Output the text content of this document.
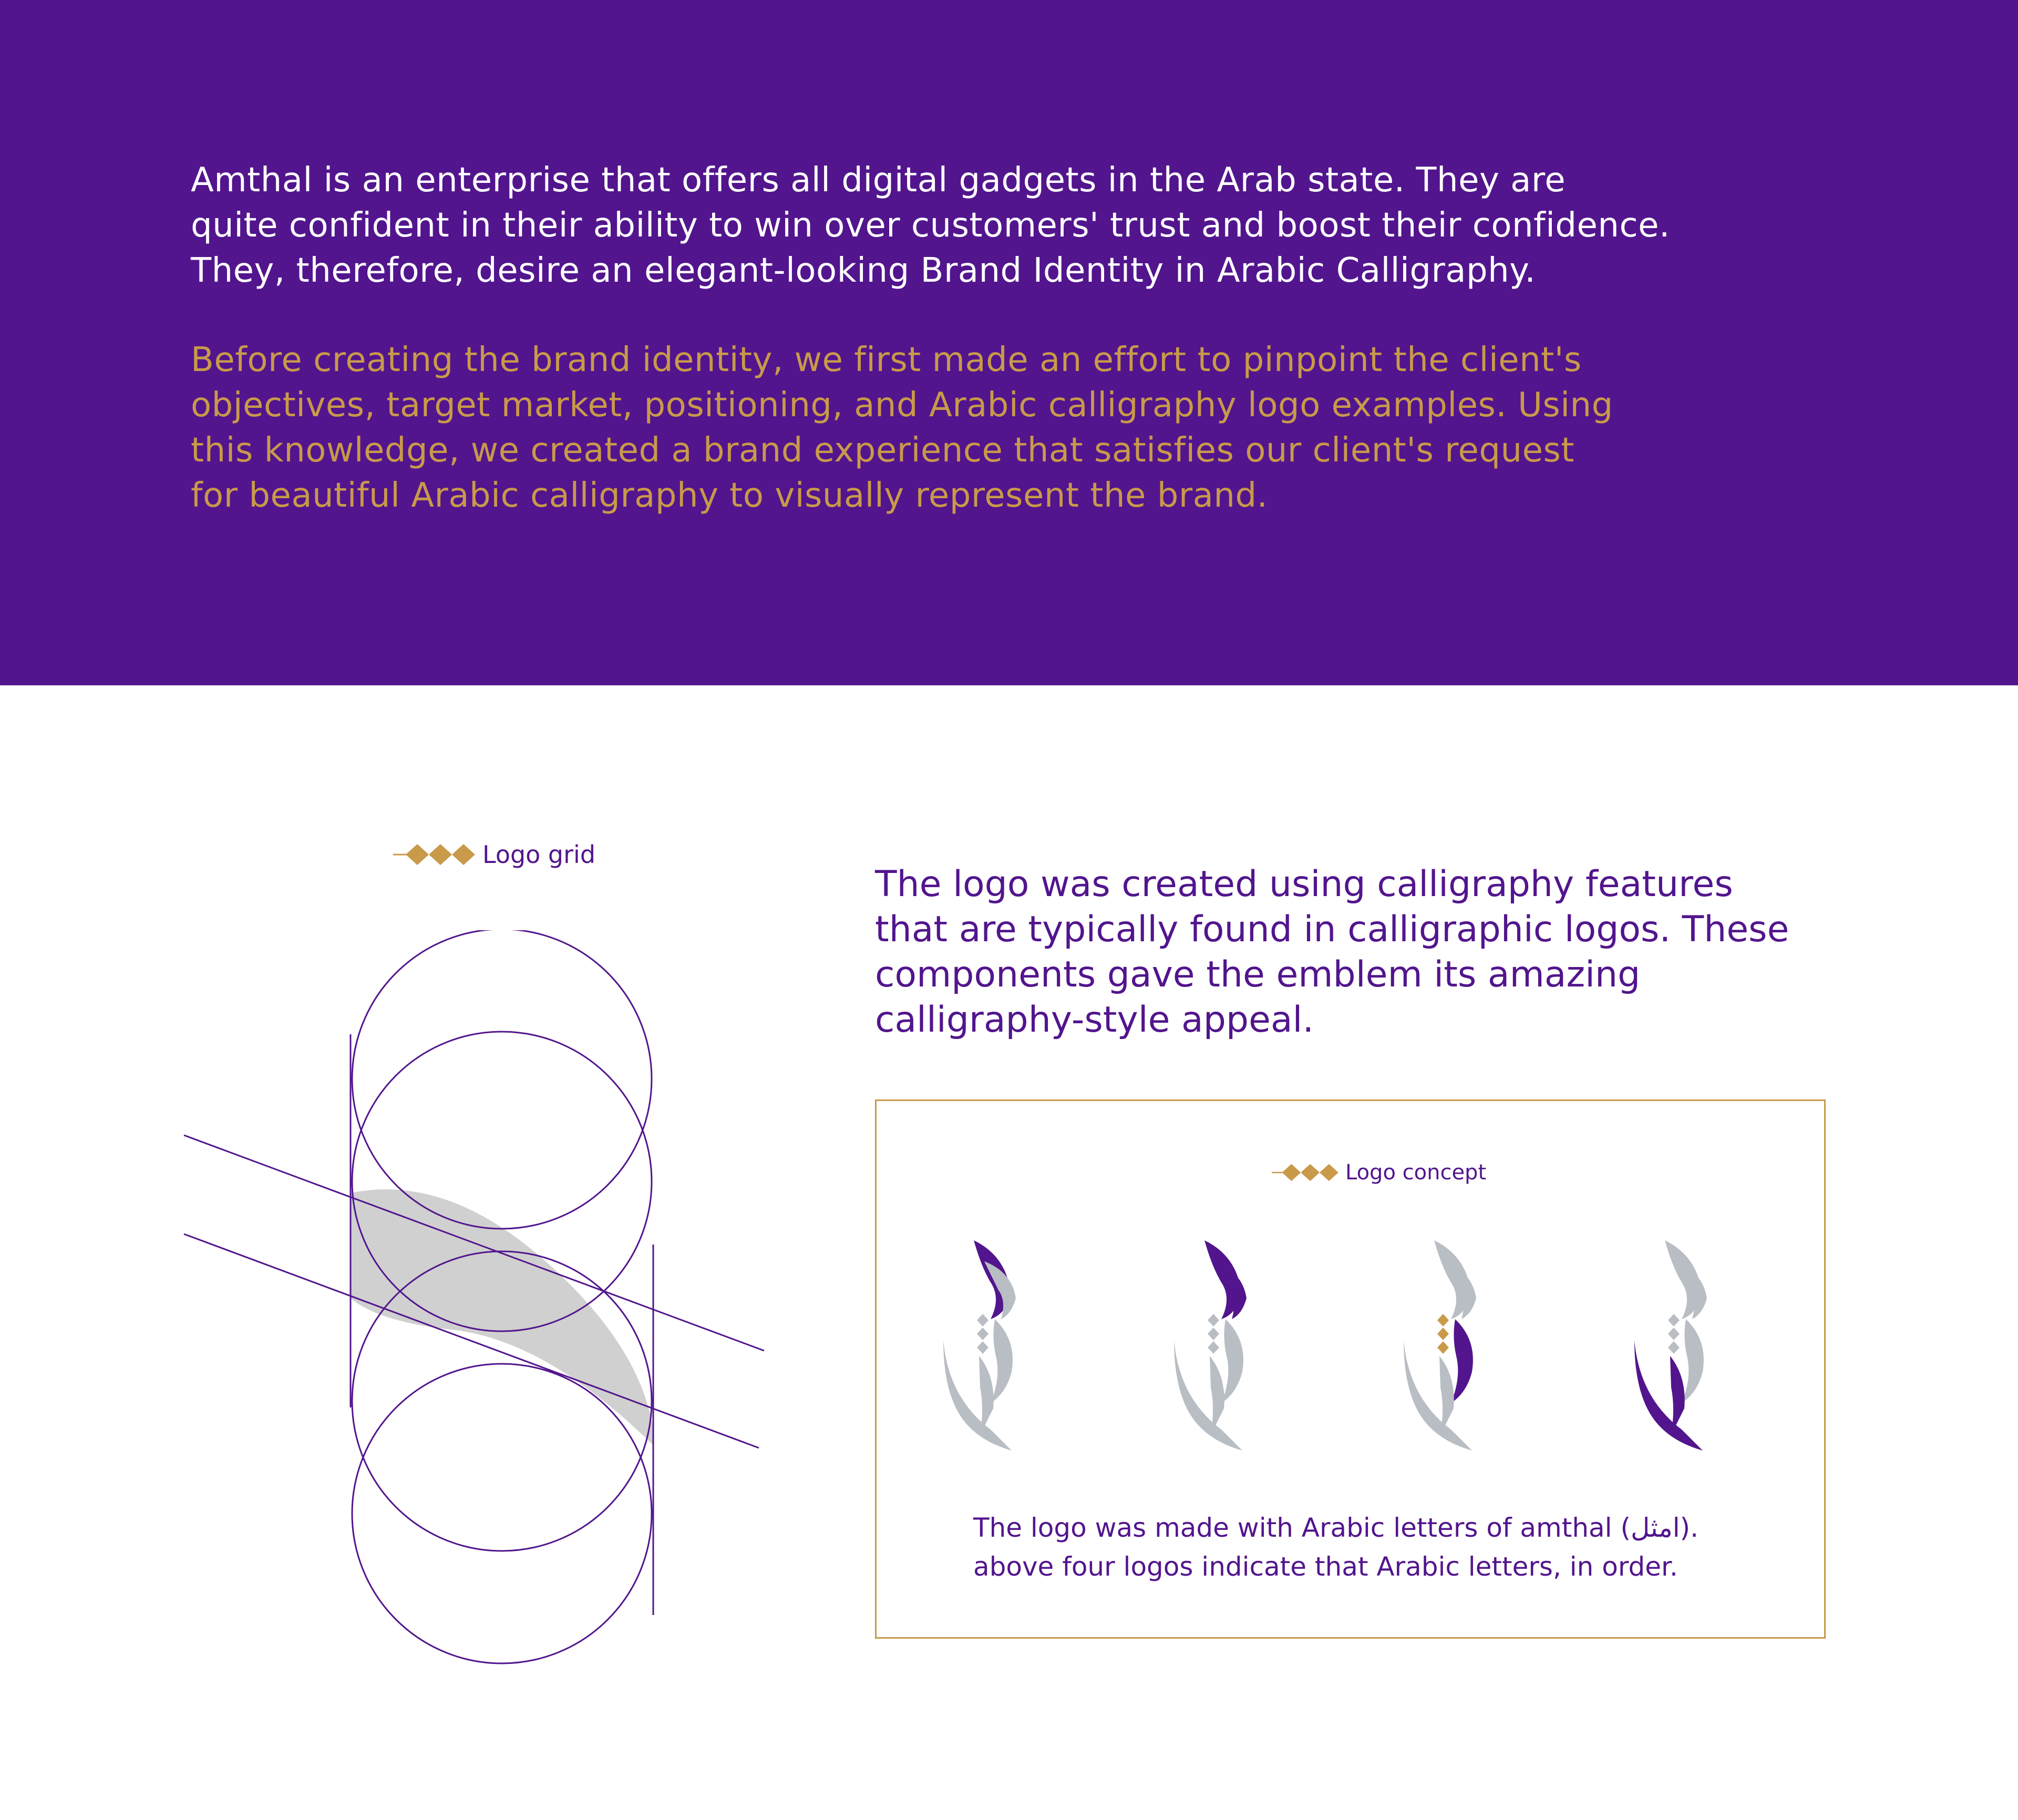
Amthal is an enterprise that offers all digital gadgets in the Arab state. They are
quite confident in their ability to win over customers' trust and boost their confidence.
They, therefore, desire an elegant-looking Brand Identity in Arabic Calligraphy.

Before creating the brand identity, we first made an effort to pinpoint the client's
objectives, target market, positioning, and Arabic calligraphy logo examples. Using
this knowledge, we created a brand experience that satisfies our client's request
for beautiful Arabic calligraphy to visually represent the brand.

Logo grid

The logo was created using calligraphy features
that are typically found in calligraphic logos. These
components gave the emblem its amazing
calligraphy-style appeal.

Logo concept

The logo was made with Arabic letters of amthal (امثل).
above four logos indicate that Arabic letters, in order.
